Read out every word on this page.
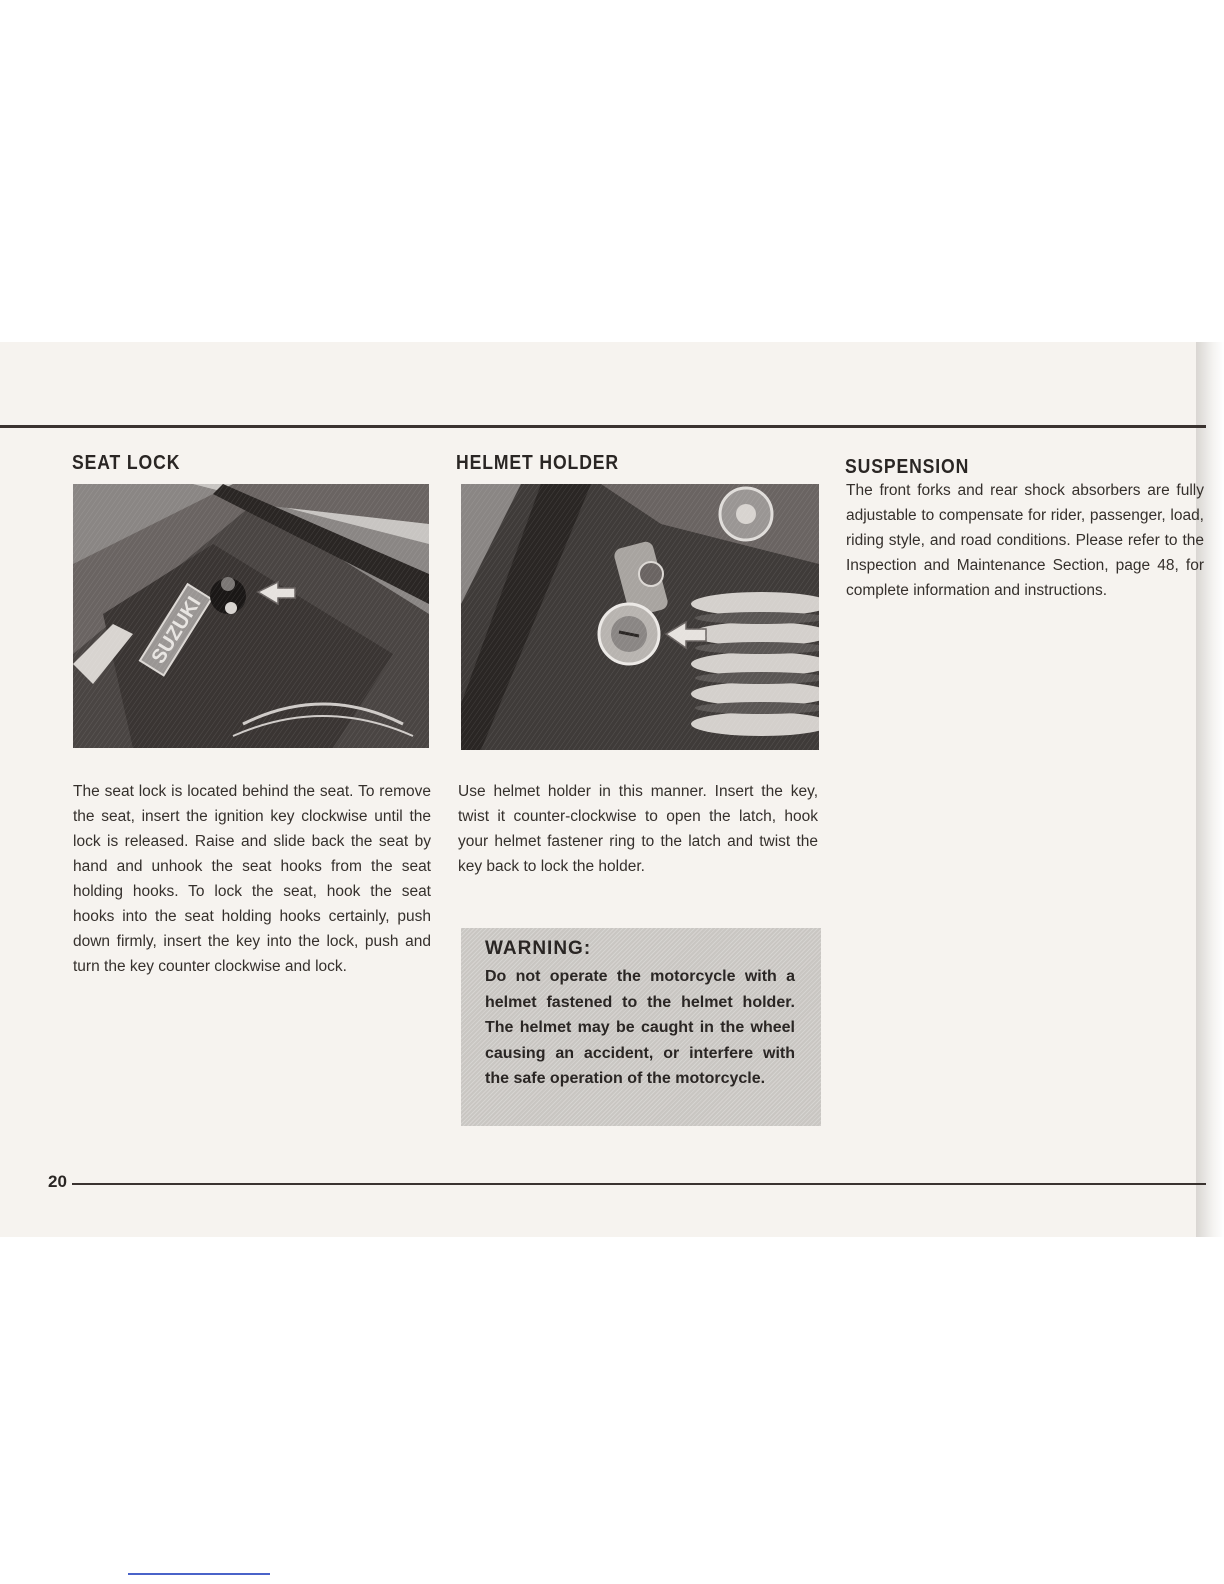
SEAT LOCK

The seat lock is located behind the seat. To remove the seat, insert the ignition key clockwise until the lock is released. Raise and slide back the seat by hand and unhook the seat hooks from the seat holding hooks. To lock the seat, hook the seat hooks into the seat holding hooks certainly, push down firmly, insert the key into the lock, push and turn the key counter clockwise and lock.

HELMET HOLDER

Use helmet holder in this manner. Insert the key, twist it counter-clockwise to open the latch, hook your helmet fastener ring to the latch and twist the key back to lock the holder.

WARNING:

Do not operate the motorcycle with a helmet fastened to the helmet holder. The helmet may be caught in the wheel causing an accident, or interfere with the safe operation of the motorcycle.

SUSPENSION

The front forks and rear shock absorbers are fully adjustable to compensate for rider, passenger, load, riding style, and road conditions. Please refer to the Inspection and Maintenance Section, page 48, for complete information and instructions.

20
